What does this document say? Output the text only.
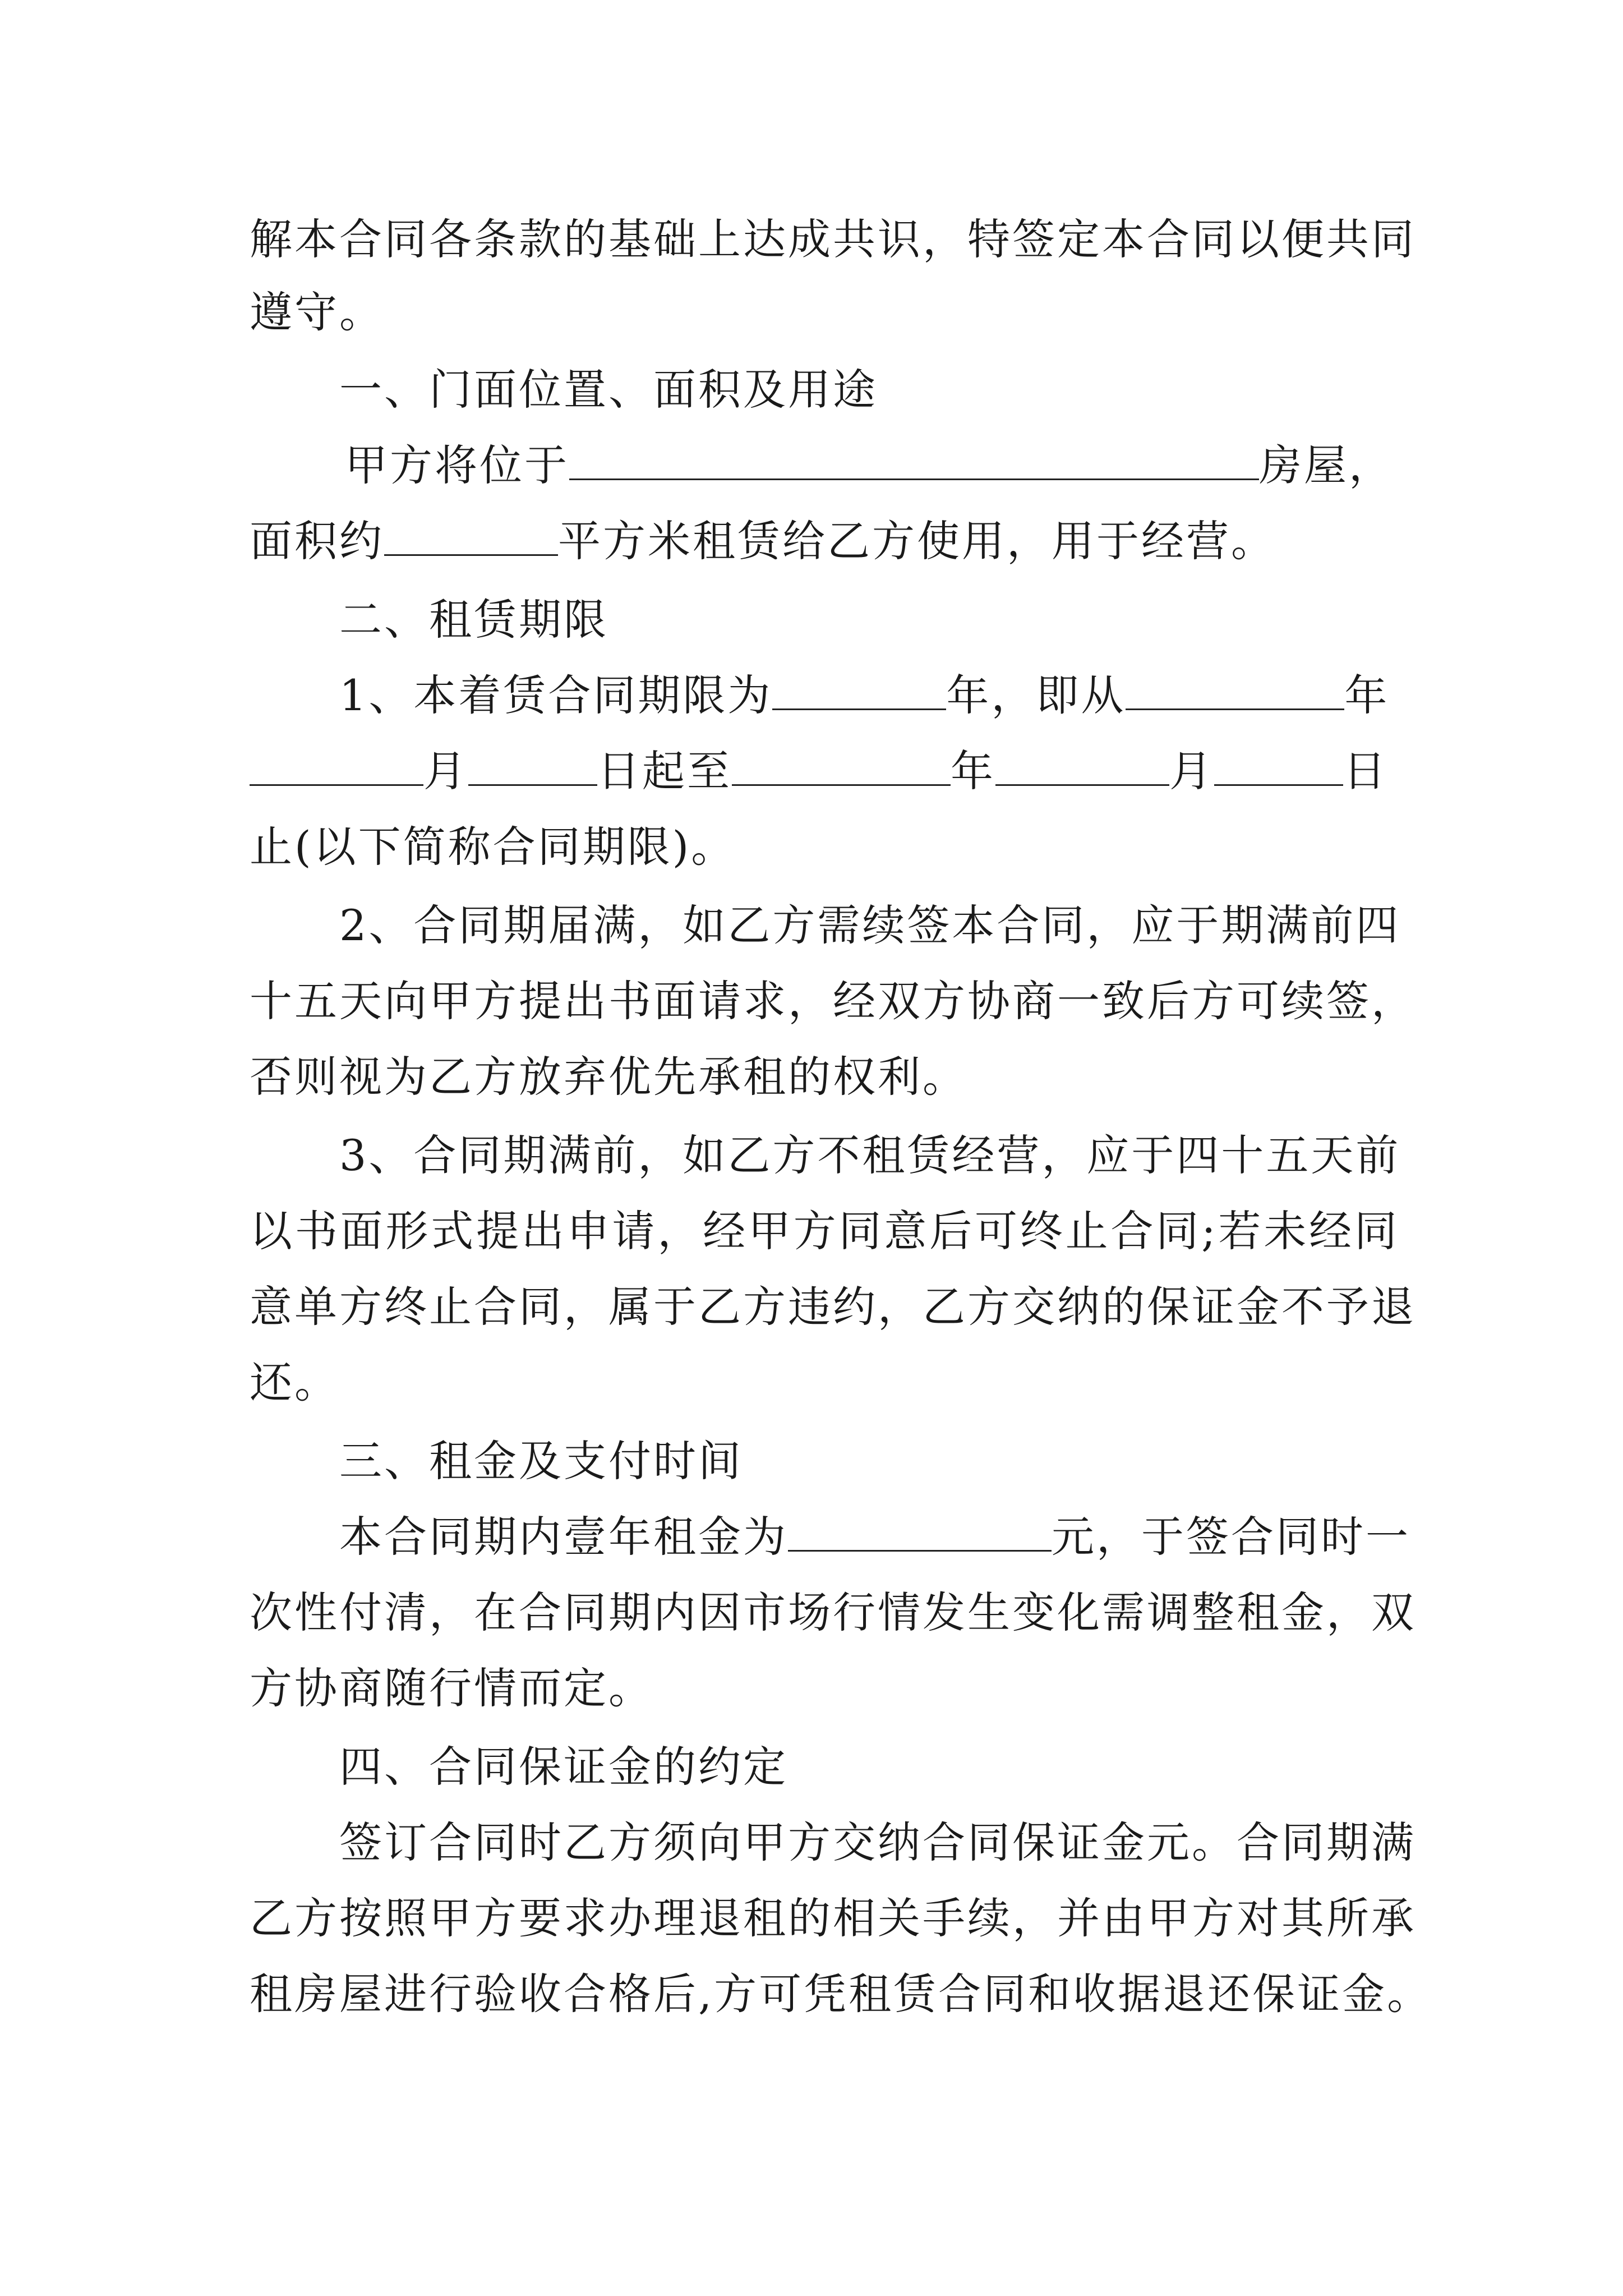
解本合同各条款的基础上达成共识，特签定本合同以便共同
遵守。
一、门面位置、面积及用途
甲方将位于	房屋，
面积约	平方米租赁给乙方使用，用于经营。
二、租赁期限
1、本着赁合同期限为	年，即从	年
月	日起至	年	月	日
止(以下简称合同期限)。
2、合同期届满，如乙方需续签本合同，应于期满前四
十五天向甲方提出书面请求，经双方协商一致后方可续签，
否则视为乙方放弃优先承租的权利。
3、合同期满前，如乙方不租赁经营，应于四十五天前
以书面形式提出申请，经甲方同意后可终止合同;若未经同
意单方终止合同，属于乙方违约，乙方交纳的保证金不予退
还。
三、租金及支付时间
本合同期内壹年租金为	元，于签合同时一
次性付清，在合同期内因市场行情发生变化需调整租金，双
方协商随行情而定。
四、合同保证金的约定
签订合同时乙方须向甲方交纳合同保证金元。合同期满
乙方按照甲方要求办理退租的相关手续，并由甲方对其所承
租房屋进行验收合格后,方可凭租赁合同和收据退还保证金。
